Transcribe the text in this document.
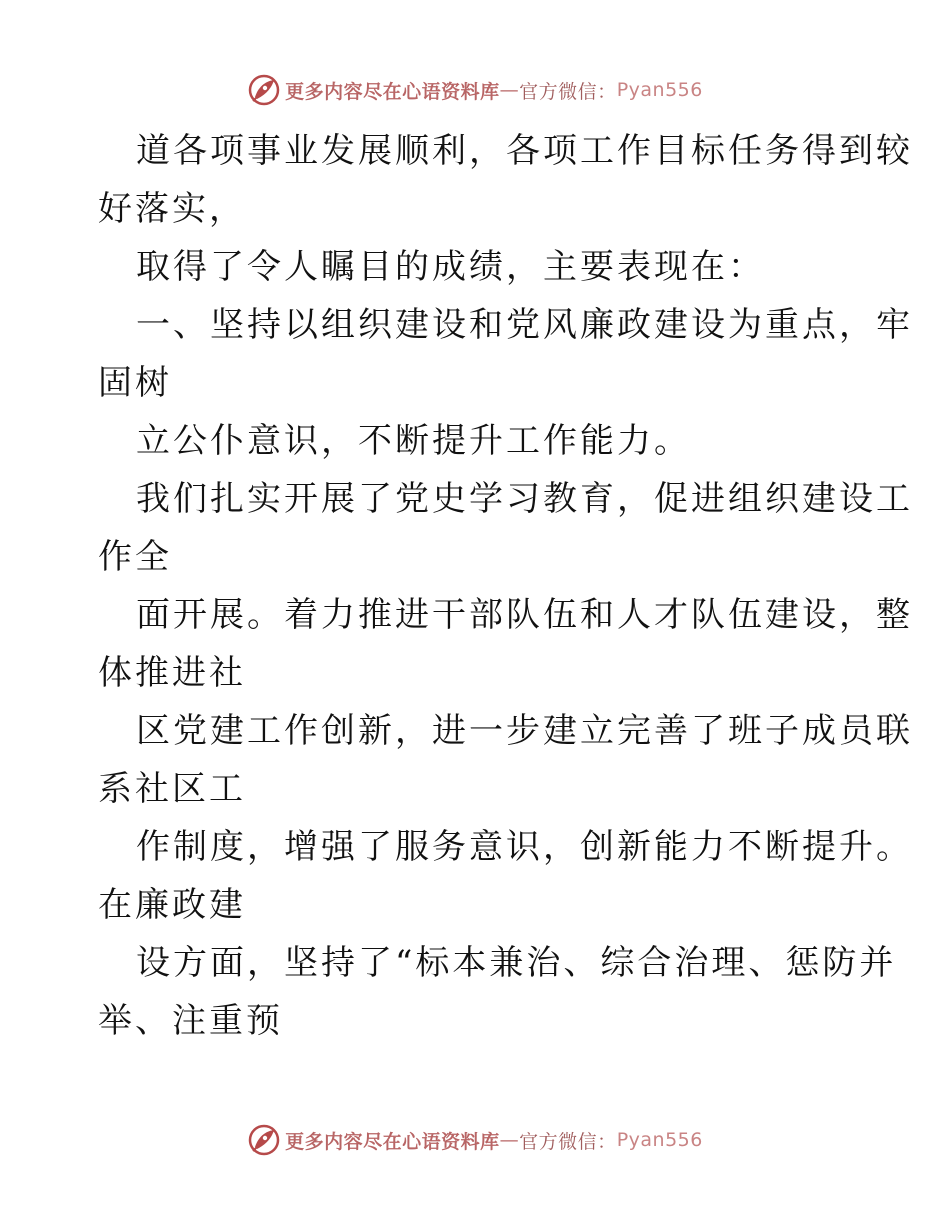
更多内容尽在心语资料库 — 官方微信： Pyan556
道各项事业发展顺利，各项工作目标任务得到较
好落实，
取得了令人瞩目的成绩，主要表现在：
一、坚持以组织建设和党风廉政建设为重点，牢
固树
立公仆意识，不断提升工作能力。
我们扎实开展了党史学习教育，促进组织建设工
作全
面开展。着力推进干部队伍和人才队伍建设，整
体推进社
区党建工作创新，进一步建立完善了班子成员联
系社区工
作制度，增强了服务意识，创新能力不断提升。
在廉政建
设方面，坚持了“标本兼治、综合治理、惩防并
举、注重预
更多内容尽在心语资料库 — 官方微信： Pyan556
